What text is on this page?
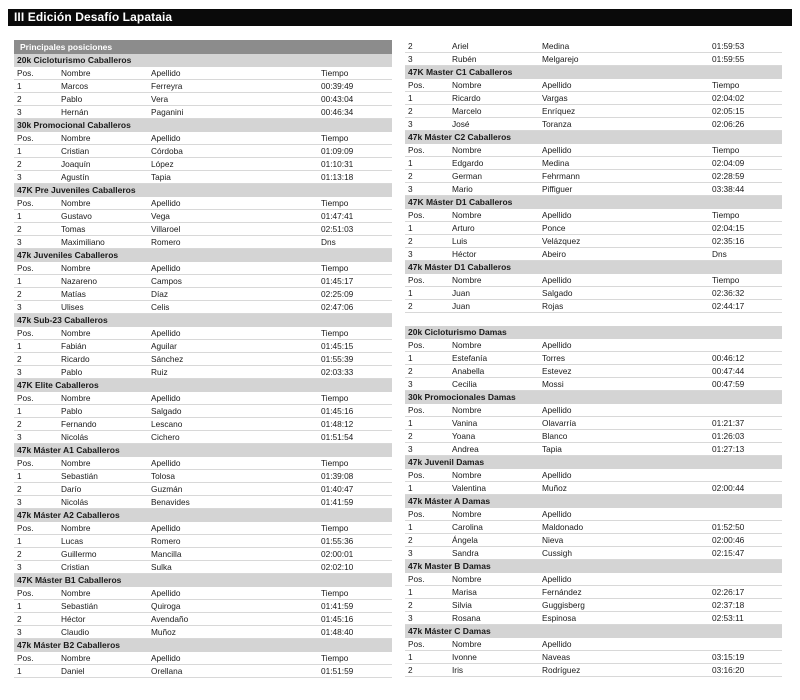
III Edición Desafío Lapataia
Principales posiciones
20k Cicloturismo Caballeros
Pos.	Nombre	Apellido	Tiempo
1	Marcos	Ferreyra	00:39:49
2	Pablo	Vera	00:43:04
3	Hernán	Paganini	00:46:34
30k Promocional Caballeros
Pos.	Nombre	Apellido	Tiempo
1	Cristian	Córdoba	01:09:09
2	Joaquín	López	01:10:31
3	Agustín	Tapia	01:13:18
47K Pre Juveniles Caballeros
Pos.	Nombre	Apellido	Tiempo
1	Gustavo	Vega	01:47:41
2	Tomas	Villaroel	02:51:03
3	Maximiliano	Romero	Dns
47k Juveniles Caballeros
Pos.	Nombre	Apellido	Tiempo
1	Nazareno	Campos	01:45:17
2	Matías	Díaz	02:25:09
3	Ulises	Celis	02:47:06
47k Sub-23 Caballeros
Pos.	Nombre	Apellido	Tiempo
1	Fabián	Aguilar	01:45:15
2	Ricardo	Sánchez	01:55:39
3	Pablo	Ruiz	02:03:33
47K Elite Caballeros
Pos.	Nombre	Apellido	Tiempo
1	Pablo	Salgado	01:45:16
2	Fernando	Lescano	01:48:12
3	Nicolás	Cichero	01:51:54
47k Máster A1 Caballeros
Pos.	Nombre	Apellido	Tiempo
1	Sebastián	Tolosa	01:39:08
2	Darío	Guzmán	01:40:47
3	Nicolás	Benavides	01:41:59
47k Máster A2 Caballeros
Pos.	Nombre	Apellido	Tiempo
1	Lucas	Romero	01:55:36
2	Guillermo	Mancilla	02:00:01
3	Cristian	Sulka	02:02:10
47K Máster B1 Caballeros
Pos.	Nombre	Apellido	Tiempo
1	Sebastián	Quiroga	01:41:59
2	Héctor	Avendaño	01:45:16
3	Claudio	Muñoz	01:48:40
47k Máster B2 Caballeros
Pos.	Nombre	Apellido	Tiempo
1	Daniel	Orellana	01:51:59
2	Ariel	Medina	01:59:53
3	Rubén	Melgarejo	01:59:55
47K Master C1 Caballeros
Pos.	Nombre	Apellido	Tiempo
1	Ricardo	Vargas	02:04:02
2	Marcelo	Enríquez	02:05:15
3	José	Toranza	02:06:26
47k Máster C2 Caballeros
Pos.	Nombre	Apellido	Tiempo
1	Edgardo	Medina	02:04:09
2	German	Fehrmann	02:28:59
3	Mario	Piffiguer	03:38:44
47K Máster D1 Caballeros
Pos.	Nombre	Apellido	Tiempo
1	Arturo	Ponce	02:04:15
2	Luis	Velázquez	02:35:16
3	Héctor	Abeiro	Dns
47k Máster D1 Caballeros
Pos.	Nombre	Apellido	Tiempo
1	Juan	Salgado	02:36:32
2	Juan	Rojas	02:44:17
20k Cicloturismo Damas
Pos.	Nombre	Apellido
1	Estefanía	Torres	00:46:12
2	Anabella	Estevez	00:47:44
3	Cecilia	Mossi	00:47:59
30k Promocionales Damas
Pos.	Nombre	Apellido
1	Vanina	Olavarría	01:21:37
2	Yoana	Blanco	01:26:03
3	Andrea	Tapia	01:27:13
47k Juvenil Damas
Pos.	Nombre	Apellido
1	Valentina	Muñoz	02:00:44
47k Máster A Damas
Pos.	Nombre	Apellido
1	Carolina	Maldonado	01:52:50
2	Ángela	Nieva	02:00:46
3	Sandra	Cussigh	02:15:47
47k Master B Damas
Pos.	Nombre	Apellido
1	Marisa	Fernández	02:26:17
2	Silvia	Guggisberg	02:37:18
3	Rosana	Espinosa	02:53:11
47k Máster C Damas
Pos.	Nombre	Apellido
1	Ivonne	Naveas	03:15:19
2	Iris	Rodríguez	03:16:20
